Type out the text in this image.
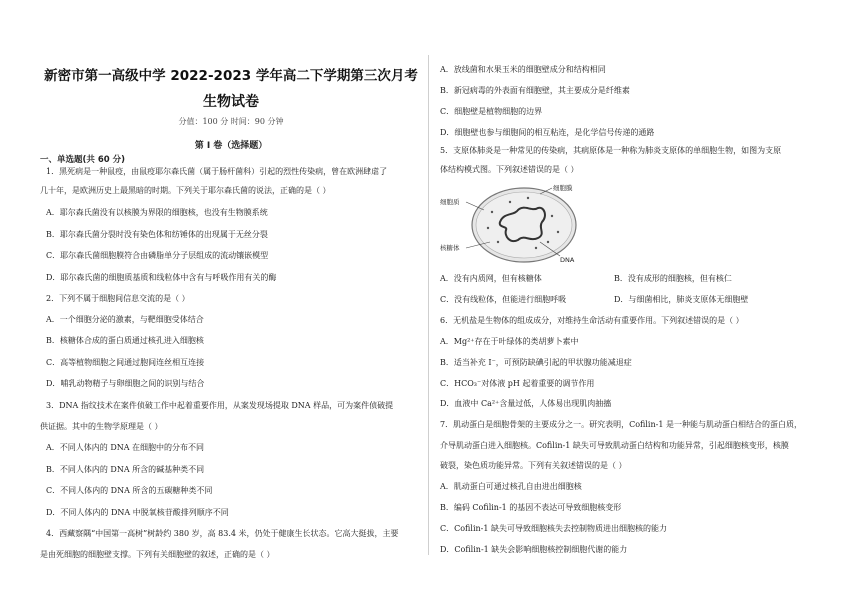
新密市第一高级中学 2022-2023 学年高二下学期第三次月考
生物试卷
分值：100 分 时间：90 分钟
第 I 卷（选择题）
一、单选题(共 60 分)
1．黑死病是一种鼠疫，由鼠疫耶尔森氏菌（属于肠杆菌科）引起的烈性传染病，曾在欧洲肆虐了
几十年，是欧洲历史上最黑暗的时期。下列关于耶尔森氏菌的说法，正确的是（ ）
A．耶尔森氏菌没有以核膜为界限的细胞核，也没有生物膜系统
B．耶尔森氏菌分裂时没有染色体和纺锤体的出现属于无丝分裂
C．耶尔森氏菌细胞膜符合由磷脂单分子层组成的流动镶嵌模型
D．耶尔森氏菌的细胞质基质和线粒体中含有与呼吸作用有关的酶
2．下列不属于细胞间信息交流的是（ ）
A．一个细胞分泌的激素，与靶细胞受体结合
B．核糖体合成的蛋白质通过核孔进入细胞核
C．高等植物细胞之间通过胞间连丝相互连接
D．哺乳动物精子与卵细胞之间的识别与结合
3．DNA 指纹技术在案件侦破工作中起着重要作用，从案发现场提取 DNA 样品，可为案件侦破提
供证据。其中的生物学原理是（ ）
A．不同人体内的 DNA 在细胞中的分布不同
B．不同人体内的 DNA 所含的碱基种类不同
C．不同人体内的 DNA 所含的五碳糖种类不同
D．不同人体内的 DNA 中脱氧核苷酸排列顺序不同
4．西藏察隅“中国第一高树”树龄约 380 岁，高 83.4 米，仍处于健康生长状态。它高大挺拔，主要
是由死细胞的细胞壁支撑。下列有关细胞壁的叙述，正确的是（ ）
A．放线菌和水果玉米的细胞壁成分和结构相同
B．新冠病毒的外表面有细胞壁，其主要成分是纤维素
C．细胞壁是植物细胞的边界
D．细胞壁也参与细胞间的相互粘连，是化学信号传递的通路
5．支原体肺炎是一种常见的传染病，其病原体是一种称为肺炎支原体的单细胞生物，如图为支原
体结构模式图。下列叙述错误的是（ ）
细胞膜
细胞质
核糖体
DNA
A．没有内质网，但有核糖体	B．没有成形的细胞核，但有核仁
C．没有线粒体，但能进行细胞呼吸	D．与细菌相比，肺炎支原体无细胞壁
6．无机盐是生物体的组成成分，对维持生命活动有重要作用。下列叙述错误的是（ ）
A．Mg²⁺存在于叶绿体的类胡萝卜素中
B．适当补充 I⁻，可预防缺碘引起的甲状腺功能减退症
C．HCO₃⁻对体液 pH 起着重要的调节作用
D．血液中 Ca²⁺含量过低，人体易出现肌肉抽搐
7．肌动蛋白是细胞骨架的主要成分之一。研究表明，Cofilin-1 是一种能与肌动蛋白相结合的蛋白质，
介导肌动蛋白进入细胞核。Cofilin-1 缺失可导致肌动蛋白结构和功能异常，引起细胞核变形，核膜
破裂，染色质功能异常。下列有关叙述错误的是（ ）
A．肌动蛋白可通过核孔自由进出细胞核
B．编码 Cofilin-1 的基因不表达可导致细胞核变形
C．Cofilin-1 缺失可导致细胞核失去控制物质进出细胞核的能力
D．Cofilin-1 缺失会影响细胞核控制细胞代谢的能力
